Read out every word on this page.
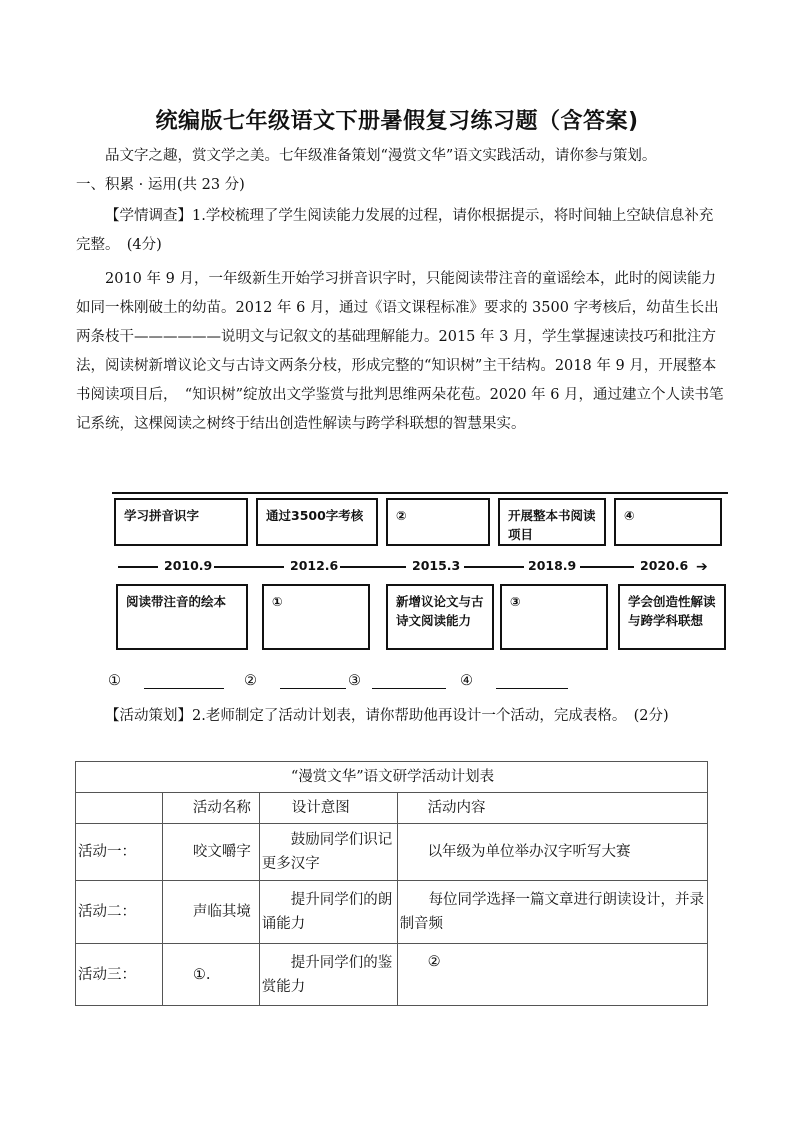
统编版七年级语文下册暑假复习练习题（含答案)
品文字之趣，赏文学之美。七年级准备策划“漫赏文华”语文实践活动，请你参与策划。
一、积累 · 运用(共 23 分)
【学情调查】1.学校梳理了学生阅读能力发展的过程，请你根据提示，将时间轴上空缺信息补充完整。　(4分)
2010 年 9 月，一年级新生开始学习拼音识字时，只能阅读带注音的童谣绘本，此时的阅读能力如同一株刚破土的幼苗。2012 年 6 月，通过《语文课程标准》要求的 3500 字考核后，幼苗生长出两条枝干——————说明文与记叙文的基础理解能力。2015 年 3 月，学生掌握速读技巧和批注方法，阅读树新增议论文与古诗文两条分枝，形成完整的“知识树”主干结构。2018 年 9 月，开展整本书阅读项目后，　“知识树”绽放出文学鉴赏与批判思维两朵花苞。2020 年 6 月，通过建立个人读书笔记系统，这棵阅读之树终于结出创造性解读与跨学科联想的智慧果实。
学习拼音识字	通过3500字考核	②	开展整本书阅读项目
④
2010.9	2012.6	2015.3	2018.9	2020.6 ➔
阅读带注音的绘本	①	新增议论文与古诗文阅读能力
③	学会创造性解读与跨学科联想
①	②	③	④
【活动策划】2.老师制定了活动计划表，请你帮助他再设计一个活动，完成表格。　(2分)
“漫赏文华”语文研学活动计划表			
	活动名称	设计意图	活动内容
活动一：	咬文嚼字	鼓励同学们识记更多汉字	以年级为单位举办汉字听写大赛
活动二：	声临其境	提升同学们的朗诵能力	每位同学选择一篇文章进行朗读设计，并录制音频
活动三：	①.	提升同学们的鉴赏能力	②
